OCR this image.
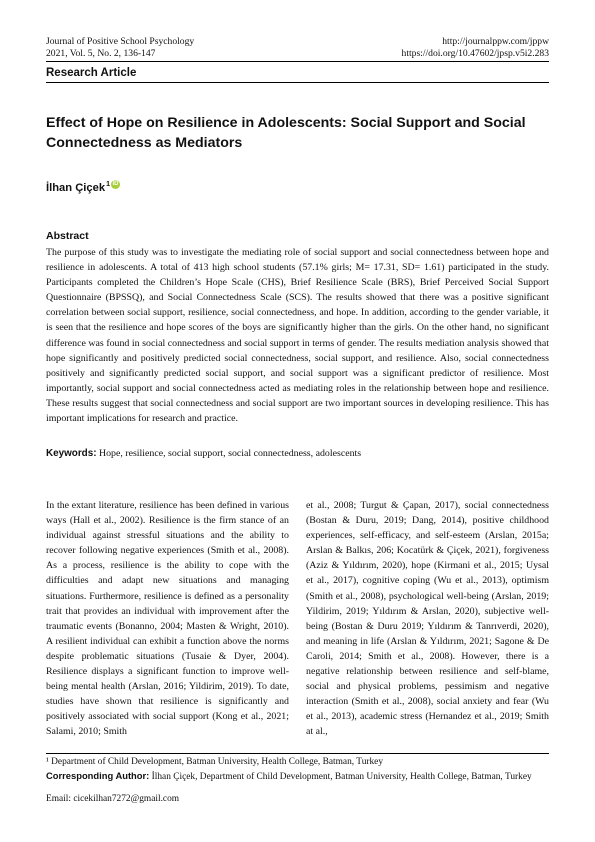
Journal of Positive School Psychology
2021, Vol. 5, No. 2, 136-147
http://journalppw.com/jppw
https://doi.org/10.47602/jpsp.v5i2.283
Research Article
Effect of Hope on Resilience in Adolescents: Social Support and Social Connectedness as Mediators
İlhan Çiçek$^1$ iD
Abstract
The purpose of this study was to investigate the mediating role of social support and social connectedness between hope and resilience in adolescents. A total of 413 high school students (57.1% girls; M= 17.31, SD= 1.61) participated in the study. Participants completed the Children’s Hope Scale (CHS), Brief Resilience Scale (BRS), Brief Perceived Social Support Questionnaire (BPSSQ), and Social Connectedness Scale (SCS). The results showed that there was a positive significant correlation between social support, resilience, social connectedness, and hope. In addition, according to the gender variable, it is seen that the resilience and hope scores of the boys are significantly higher than the girls. On the other hand, no significant difference was found in social connectedness and social support in terms of gender. The results mediation analysis showed that hope significantly and positively predicted social connectedness, social support, and resilience. Also, social connectedness positively and significantly predicted social support, and social support was a significant predictor of resilience. Most importantly, social support and social connectedness acted as mediating roles in the relationship between hope and resilience. These results suggest that social connectedness and social support are two important sources in developing resilience. This has important implications for research and practice.
Keywords: Hope, resilience, social support, social connectedness, adolescents
In the extant literature, resilience has been defined in various ways (Hall et al., 2002). Resilience is the firm stance of an individual against stressful situations and the ability to recover following negative experiences (Smith et al., 2008). As a process, resilience is the ability to cope with the difficulties and adapt new situations and managing situations. Furthermore, resilience is defined as a personality trait that provides an individual with improvement after the traumatic events (Bonanno, 2004; Masten & Wright, 2010). A resilient individual can exhibit a function above the norms despite problematic situations (Tusaie & Dyer, 2004). Resilience displays a significant function to improve well-being mental health (Arslan, 2016; Yildirim, 2019). To date, studies have shown that resilience is significantly and positively associated with social support (Kong et al., 2021; Salami, 2010; Smith
et al., 2008; Turgut & Çapan, 2017), social connectedness (Bostan & Duru, 2019; Dang, 2014), positive childhood experiences, self-efficacy, and self-esteem (Arslan, 2015a; Arslan & Balkıs, 206; Kocatürk & Çiçek, 2021), forgiveness (Aziz & Yıldırım, 2020), hope (Kirmani et al., 2015; Uysal et al., 2017), cognitive coping (Wu et al., 2013), optimism (Smith et al., 2008), psychological well-being (Arslan, 2019; Yildirim, 2019; Yıldırım & Arslan, 2020), subjective well-being (Bostan & Duru 2019; Yıldırım & Tanrıverdi, 2020), and meaning in life (Arslan & Yıldırım, 2021; Sagone & De Caroli, 2014; Smith et al., 2008). However, there is a negative relationship between resilience and self-blame, social and physical problems, pessimism and negative interaction (Smith et al., 2008), social anxiety and fear (Wu et al., 2013), academic stress (Hernandez et al., 2019; Smith at al.,
¹ Department of Child Development, Batman University, Health College, Batman, Turkey
Corresponding Author: İlhan Çiçek, Department of Child Development, Batman University, Health College, Batman, Turkey
Email: cicekilhan7272@gmail.com
